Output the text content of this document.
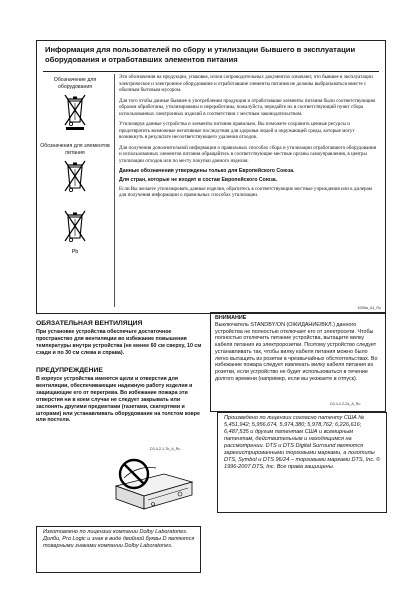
Информация для пользователей по сбору и утилизации бывшего в эксплуатации оборудования и отработавших элементов питания
Обозначение для оборудования
Обозначения для элементов питания
Pb

Эти обозначения на продукции, упаковке, и/или сопроводительных документах означают, что бывшее в эксплуатации электрическое и электронное оборудование и отработавшие элементы питания не должны выбрасываться вместе с обычным бытовым мусором.

Для того чтобы данные бывшее в употреблении продукция и отработавшие элементы питания были соответствующим образом обработаны, утилизированы и переработаны, пожалуйста, передайте их в соответствующий пункт сбора использованных электронных изделий в соответствии с местным законодательством.

Утилизируя данные устройства и элементы питания правильно, Вы поможете сохранить ценные ресурсы и предотвратить возможные негативные последствия для здоровья людей и окружающей среды, которые могут возникнуть в результате несоответствующего удаления отходов.

Для получения дополнительной информации о правильных способах сбора и утилизации отработавшего оборудования и использованных элементов питания обращайтесь в соответствующие местные органы самоуправления, в центры утилизации отходов или по месту покупки данного изделия.

Данные обозначения утверждены только для Европейского Союза.

Для стран, которые не входят в состав Европейского Союза.

Если Вы желаете утилизировать данные изделия, обратитесь в соответствующие местные учреждения или к дилерам для получения информации о правильных способах утилизации.

K058a_A1_Ru
ОБЯЗАТЕЛЬНАЯ ВЕНТИЛЯЦИЯ
При установке устройства обеспечьте достаточное пространство для вентиляции во избежание повышения температуры внутри устройства (не менее 60 см сверху, 10 см сзади и по 30 см слева и справа).
ПРЕДУПРЕЖДЕНИЕ
В корпусе устройства имеются щели и отверстия для вентиляции, обеспечивающие надежную работу изделия и защищающие его от перегрева. Во избежание пожара эти отверстия ни в коем случае не следует закрывать или заслонять другими предметами (газетами, скатертями и шторами) или устанавливать оборудование на толстом ковре или постели.
D3-4-2-1-7b_A_Ru
ВНИМАНИЕ
Выключатель STANDBY/ON (ОЖИДАНИЕ/ВКЛ.) данного устройства не полностью отключает его от электросети. Чтобы полностью отключить питание устройства, вытащите вилку кабеля питания из электророзетки. Поэтому устройство следует устанавливать так, чтобы вилку кабеля питания можно было легко вытащить из розетки в чрезвычайных обстоятельствах. Во избежание пожара следует извлекать вилку кабеля питания из розетки, если устройство не будет использоваться в течение долгого времени (например, если вы уезжаете в отпуск).
D3-4-2-2-2a_A_Ru
Произведено по лицензии согласно патенту США № 5,451,942; 5,956,674, 5,974,380; 5,978,762; 6,226,616; 6,487,535 и другим патентам США и всемирным патентам, действительным и находящимся на рассмотрении. DTS и DTS Digital Surround являются зарегистрированными торговыми марками, а логотипы DTS, Symbol и DTS 96/24 – торговыми марками DTS, Inc. © 1996-2007 DTS, Inc. Все права защищены.
Изготовлено по лицензии компании Dolby Laboratories. Долби, Pro Logic и знак в виде двойной буквы D являются товарными знаками компании Dolby Laboratories.
